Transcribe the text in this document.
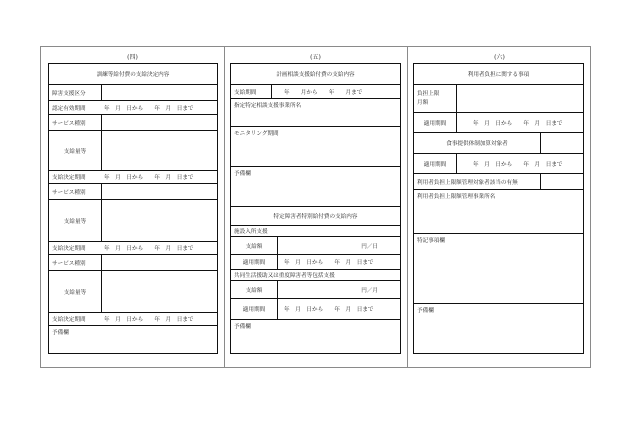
(四)
訓練等給付費の支給決定内容
障害支援区分
認定有効期間	年　月　日から　　年　月　日まで
サービス種別
支給量等
支給決定期間	年　月　日から　　年　月　日まで
サービス種別
支給量等
支給決定期間	年　月　日から　　年　月　日まで
サービス種別
支給量等
支給決定期間	年　月　日から　　年　月　日まで
予備欄
(五)
計画相談支援給付費の支給内容
支給期間	年　　月から　　年　　月まで
指定特定相談支援事業所名
モニタリング期間
予備欄
特定障害者特別給付費の支給内容
施設入所支援
支給額	円／日
適用期間	年　月　日から　　年　月　日まで
共同生活援助又は重度障害者等包括支援
支給額	円／月
適用期間	年　月　日から　　年　月　日まで
予備欄
(六)
利用者負担に関する事項
負担上限月額
適用期間	年　月　日から　　年　月　日まで
食事提供体制加算対象者
適用期間	年　月　日から　　年　月　日まで
利用者負担上限額管理対象者該当の有無
利用者負担上限額管理事業所名
特記事項欄
予備欄
